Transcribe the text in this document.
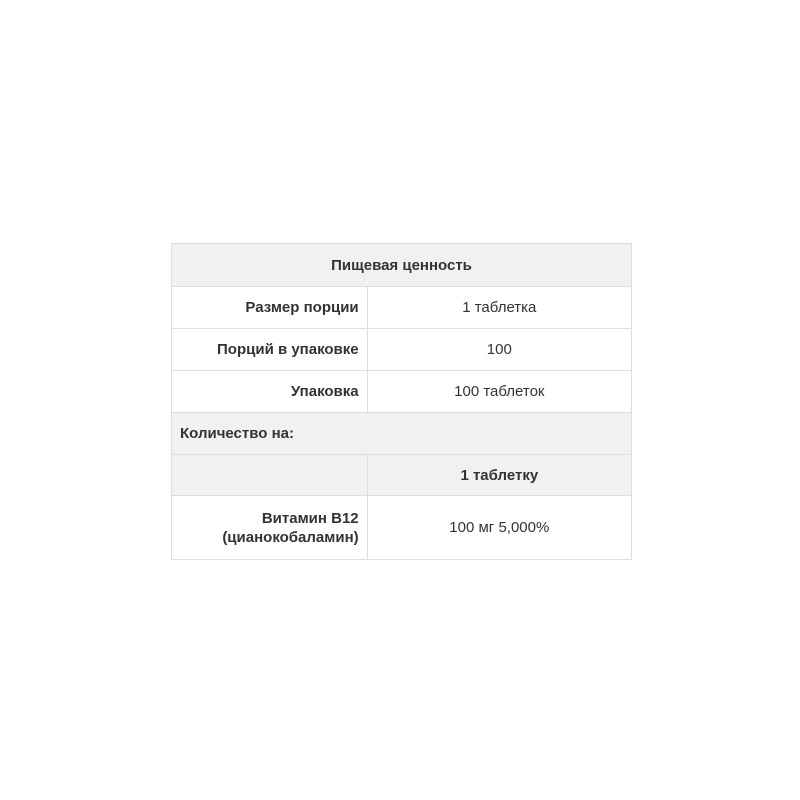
Пищевая ценность	
Размер порции	1 таблетка
Порций в упаковке	100
Упаковка	100 таблеток
Количество на:	
	1 таблетку

Витамин B12
(цианокобаламин)	100 мг 5,000%
